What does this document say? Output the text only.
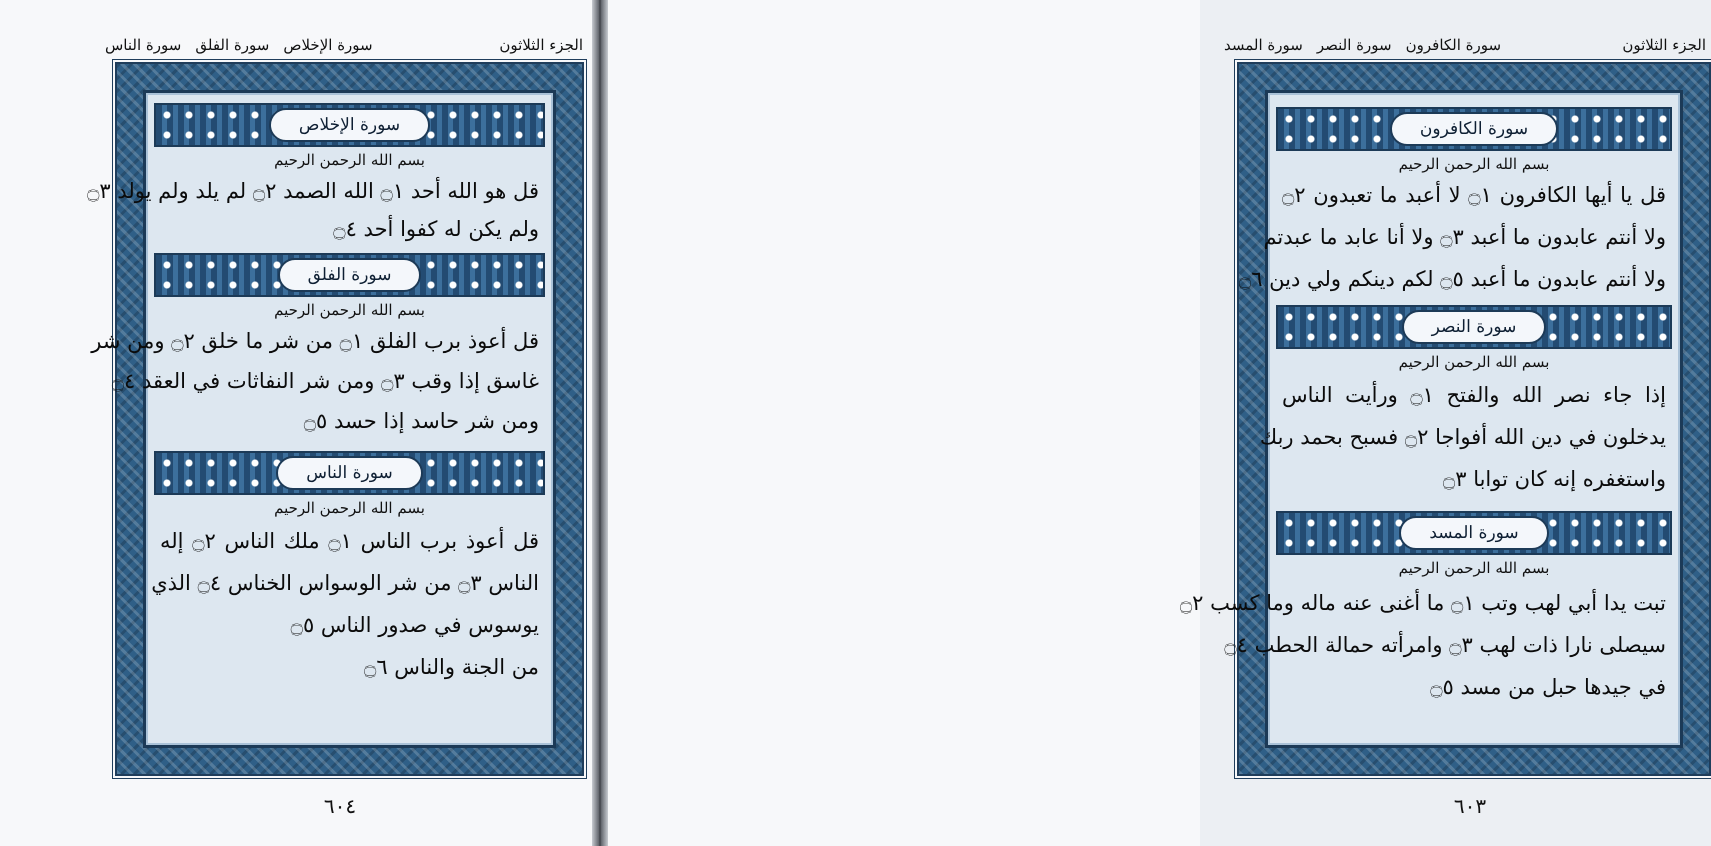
الجزء الثلاثون
سورة الإخلاص
سورة الفلق
سورة الناس
سورة الإخلاص
بسم الله الرحمن الرحيم
قل هو الله أحد ۝١ الله الصمد ۝٢ لم يلد ولم يولد ۝٣
ولم يكن له كفوا أحد ۝٤
سورة الفلق
بسم الله الرحمن الرحيم
قل أعوذ برب الفلق ۝١ من شر ما خلق ۝٢ ومن شر
غاسق إذا وقب ۝٣ ومن شر النفاثات في العقد ۝٤
ومن شر حاسد إذا حسد ۝٥
سورة الناس
بسم الله الرحمن الرحيم
قل أعوذ برب الناس ۝١ ملك الناس ۝٢ إله
الناس ۝٣ من شر الوسواس الخناس ۝٤ الذي
يوسوس في صدور الناس ۝٥
من الجنة والناس ۝٦
٦٠٤
الجزء الثلاثون
سورة الكافرون
سورة النصر
سورة المسد
سورة الكافرون
بسم الله الرحمن الرحيم
قل يا أيها الكافرون ۝١ لا أعبد ما تعبدون ۝٢
ولا أنتم عابدون ما أعبد ۝٣ ولا أنا عابد ما عبدتم
ولا أنتم عابدون ما أعبد ۝٥ لكم دينكم ولي دين ۝٦
سورة النصر
بسم الله الرحمن الرحيم
إذا جاء نصر الله والفتح ۝١ ورأيت الناس
يدخلون في دين الله أفواجا ۝٢ فسبح بحمد ربك
واستغفره إنه كان توابا ۝٣
سورة المسد
بسم الله الرحمن الرحيم
تبت يدا أبي لهب وتب ۝١ ما أغنى عنه ماله وما كسب ۝٢
سيصلى نارا ذات لهب ۝٣ وامرأته حمالة الحطب ۝٤
في جيدها حبل من مسد ۝٥
٦٠٣
